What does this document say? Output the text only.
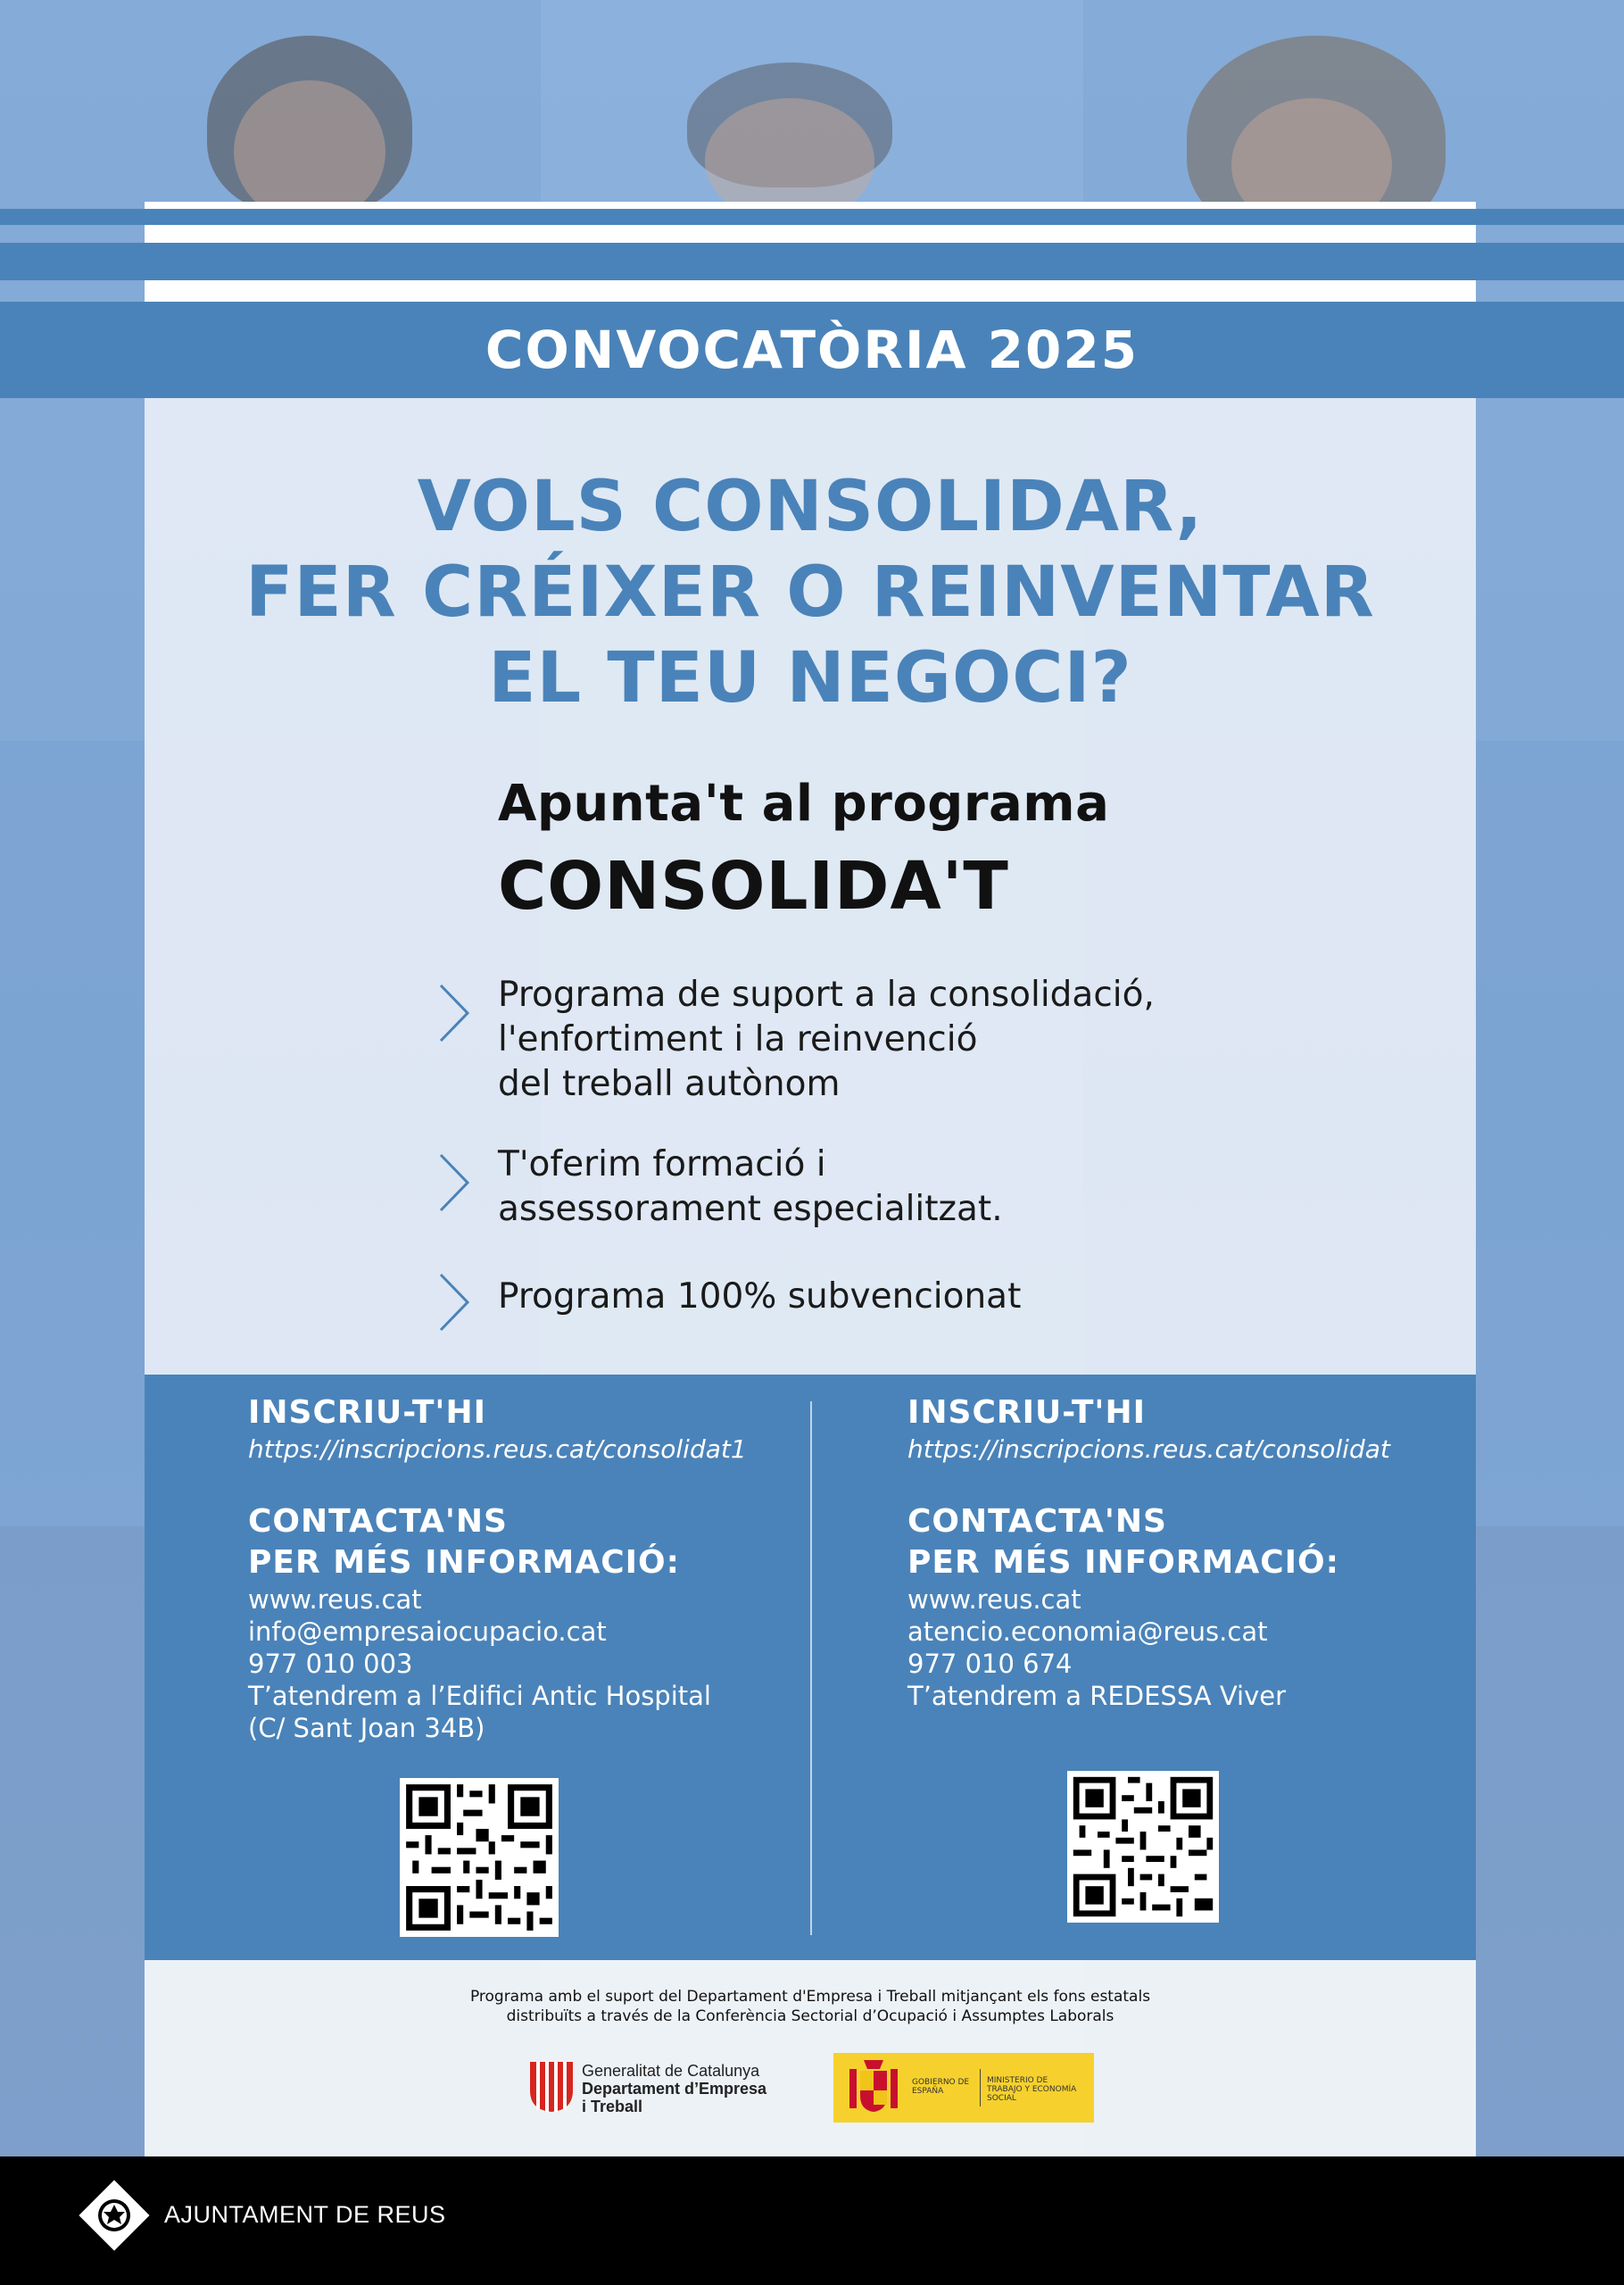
CONVOCATÒRIA 2025
VOLS CONSOLIDAR,
FER CRÉIXER O REINVENTAR
EL TEU NEGOCI?
Apunta't al programa
CONSOLIDA'T
Programa de suport a la consolidació,
l'enfortiment i la reinvenció
del treball autònom
T'oferim formació i
assessorament especialitzat.
Programa 100% subvencionat
INSCRIU-T'HI
https://inscripcions.reus.cat/consolidat1
CONTACTA'NS
PER MÉS INFORMACIÓ:
www.reus.cat
info@empresaiocupacio.cat
977 010 003
T’atendrem a l’Edifici Antic Hospital
(C/ Sant Joan 34B)
INSCRIU-T'HI
https://inscripcions.reus.cat/consolidat
CONTACTA'NS
PER MÉS INFORMACIÓ:
www.reus.cat
atencio.economia@reus.cat
977 010 674
T’atendrem a REDESSA Viver
Programa amb el suport del Departament d'Empresa i Treball mitjançant els fons estatals
distribuïts a través de la Conferència Sectorial d’Ocupació i Assumptes Laborals
Generalitat de Catalunya
Departament d’Empresa
i Treball
GOBIERNO DE ESPAÑA
MINISTERIO DE TRABAJO Y ECONOMÍA SOCIAL
AJUNTAMENT DE REUS
